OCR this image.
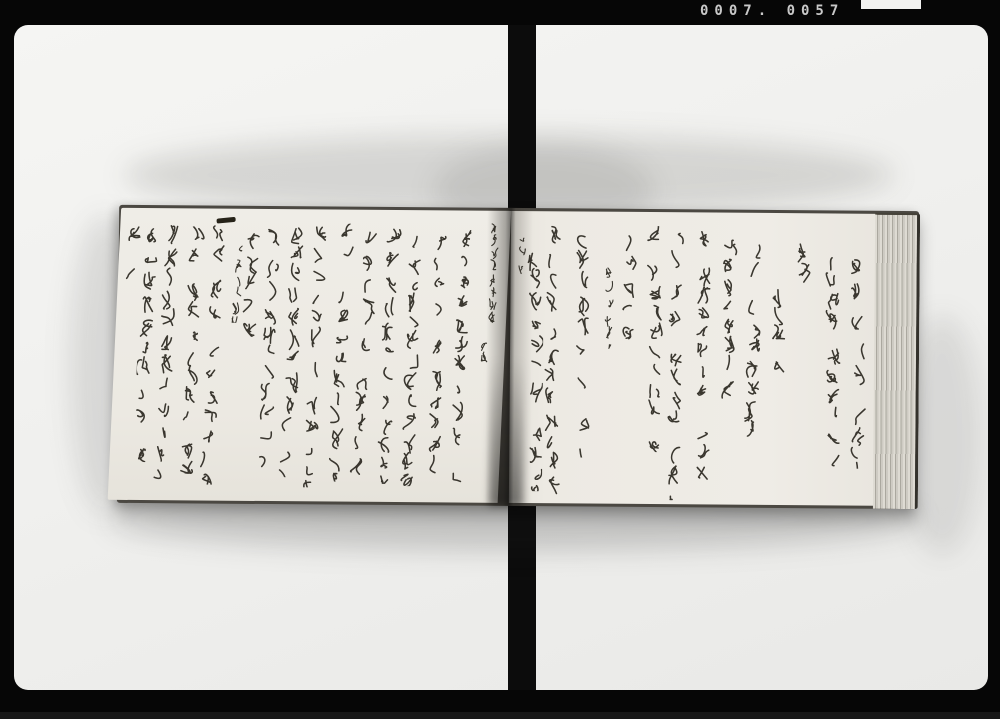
0007. 0057
